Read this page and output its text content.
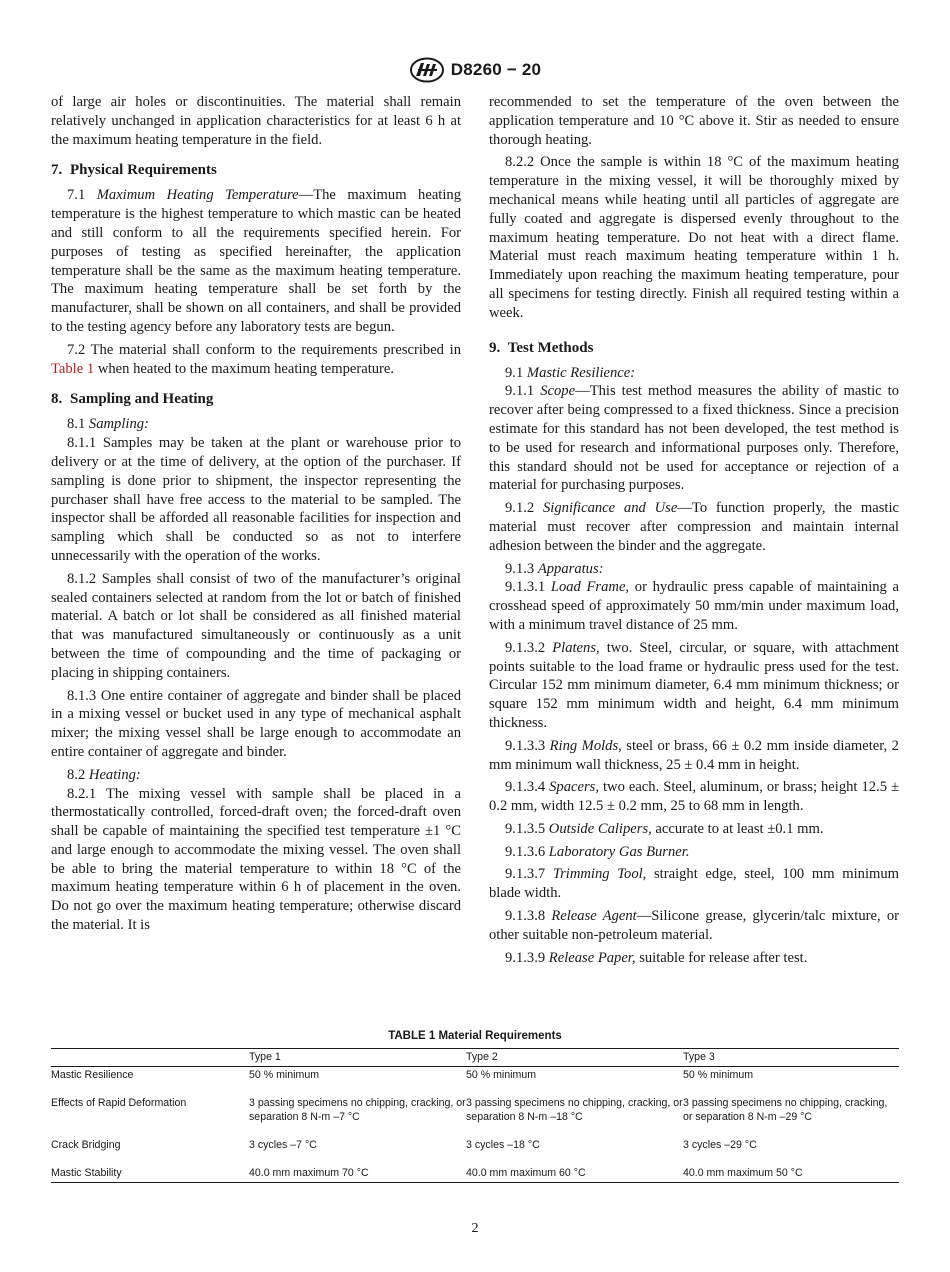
D8260 − 20

of large air holes or discontinuities. The material shall remain relatively unchanged in application characteristics for at least 6 h at the maximum heating temperature in the field.

7. Physical Requirements

7.1 Maximum Heating Temperature—The maximum heating temperature is the highest temperature to which mastic can be heated and still conform to all the requirements specified herein. For purposes of testing as specified hereinafter, the application temperature shall be the same as the maximum heating temperature. The maximum heating temperature shall be set forth by the manufacturer, shall be shown on all containers, and shall be provided to the testing agency before any laboratory tests are begun.

7.2 The material shall conform to the requirements prescribed in Table 1 when heated to the maximum heating temperature.

8. Sampling and Heating

8.1 Sampling:

8.1.1 Samples may be taken at the plant or warehouse prior to delivery or at the time of delivery, at the option of the purchaser. If sampling is done prior to shipment, the inspector representing the purchaser shall have free access to the material to be sampled. The inspector shall be afforded all reasonable facilities for inspection and sampling which shall be conducted so as not to interfere unnecessarily with the operation of the works.

8.1.2 Samples shall consist of two of the manufacturer’s original sealed containers selected at random from the lot or batch of finished material. A batch or lot shall be considered as all finished material that was manufactured simultaneously or continuously as a unit between the time of compounding and the time of packaging or placing in shipping containers.

8.1.3 One entire container of aggregate and binder shall be placed in a mixing vessel or bucket used in any type of mechanical asphalt mixer; the mixing vessel shall be large enough to accommodate an entire container of aggregate and binder.

8.2 Heating:

8.2.1 The mixing vessel with sample shall be placed in a thermostatically controlled, forced-draft oven; the forced-draft oven shall be capable of maintaining the specified test temperature ±1 °C and large enough to accommodate the mixing vessel. The oven shall be able to bring the material temperature to within 18 °C of the maximum heating temperature within 6 h of placement in the oven. Do not go over the maximum heating temperature; otherwise discard the material. It is

recommended to set the temperature of the oven between the application temperature and 10 °C above it. Stir as needed to ensure thorough heating.

8.2.2 Once the sample is within 18 °C of the maximum heating temperature in the mixing vessel, it will be thoroughly mixed by mechanical means while heating until all particles of aggregate are fully coated and aggregate is dispersed evenly throughout to the maximum heating temperature. Do not heat with a direct flame. Material must reach maximum heating temperature within 1 h. Immediately upon reaching the maximum heating temperature, pour all specimens for testing directly. Finish all required testing within a week.

9. Test Methods

9.1 Mastic Resilience:

9.1.1 Scope—This test method measures the ability of mastic to recover after being compressed to a fixed thickness. Since a precision estimate for this standard has not been developed, the test method is to be used for research and informational purposes only. Therefore, this standard should not be used for acceptance or rejection of a material for purchasing purposes.

9.1.2 Significance and Use—To function properly, the mastic material must recover after compression and maintain internal adhesion between the binder and the aggregate.

9.1.3 Apparatus:

9.1.3.1 Load Frame, or hydraulic press capable of maintaining a crosshead speed of approximately 50 mm/min under maximum load, with a minimum travel distance of 25 mm.

9.1.3.2 Platens, two. Steel, circular, or square, with attachment points suitable to the load frame or hydraulic press used for the test. Circular 152 mm minimum diameter, 6.4 mm minimum thickness; or square 152 mm minimum width and height, 6.4 mm minimum thickness.

9.1.3.3 Ring Molds, steel or brass, 66 ± 0.2 mm inside diameter, 2 mm minimum wall thickness, 25 ± 0.4 mm in height.

9.1.3.4 Spacers, two each. Steel, aluminum, or brass; height 12.5 ± 0.2 mm, width 12.5 ± 0.2 mm, 25 to 68 mm in length.

9.1.3.5 Outside Calipers, accurate to at least ±0.1 mm.

9.1.3.6 Laboratory Gas Burner.

9.1.3.7 Trimming Tool, straight edge, steel, 100 mm minimum blade width.

9.1.3.8 Release Agent—Silicone grease, glycerin/talc mixture, or other suitable non-petroleum material.

9.1.3.9 Release Paper, suitable for release after test.

TABLE 1 Material Requirements
	Type 1	Type 2	Type 3
Mastic Resilience	50 % minimum	50 % minimum	50 % minimum
Effects of Rapid Deformation	3 passing specimens no chipping, cracking, or separation 8 N-m –7 °C	3 passing specimens no chipping, cracking, or separation 8 N-m –18 °C	3 passing specimens no chipping, cracking, or separation 8 N-m –29 °C
Crack Bridging	3 cycles –7 °C	3 cycles –18 °C	3 cycles –29 °C
Mastic Stability	40.0 mm maximum 70 °C	40.0 mm maximum 60 °C	40.0 mm maximum 50 °C
2
